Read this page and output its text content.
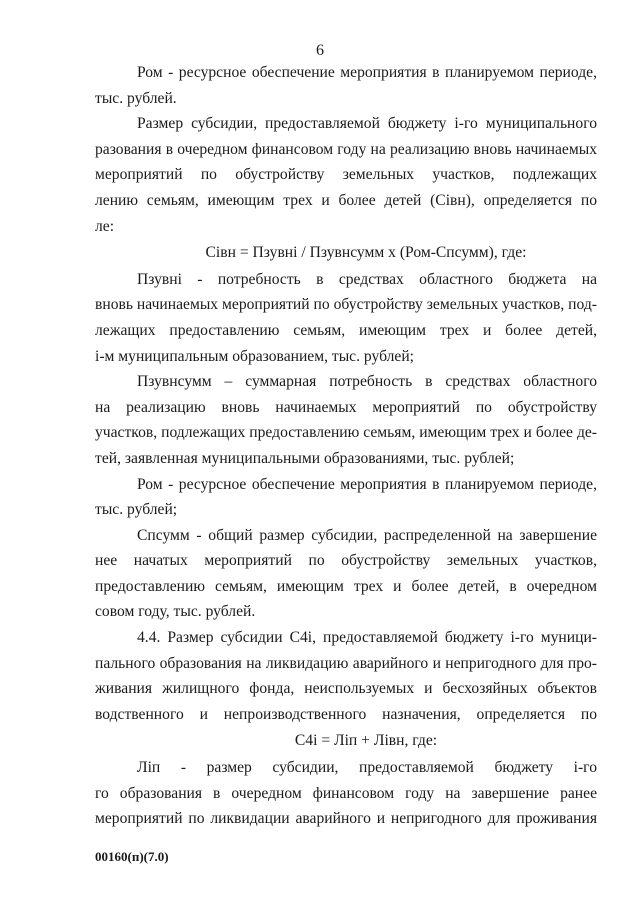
6
Ром - ресурсное обеспечение мероприятия в планируемом периоде,
тыс. рублей.
Размер субсидии, предоставляемой бюджету i-го муниципального
разования в очередном финансовом году на реализацию вновь начинаемых
мероприятий по обустройству земельных участков, подлежащих
лению семьям, имеющим трех и более детей (Сівн), определяется по
ле:
Сівн = Пзувні / Пзувнсумм х (Ром-Спсумм), где:
Пзувні - потребность в средствах областного бюджета на
вновь начинаемых мероприятий по обустройству земельных участков, под-
лежащих предоставлению семьям, имеющим трех и более детей,
і-м муниципальным образованием, тыс. рублей;
Пзувнсумм – суммарная потребность в средствах областного
на реализацию вновь начинаемых мероприятий по обустройству
участков, подлежащих предоставлению семьям, имеющим трех и более де-
тей, заявленная муниципальными образованиями, тыс. рублей;
Ром - ресурсное обеспечение мероприятия в планируемом периоде,
тыс. рублей;
Спсумм - общий размер субсидии, распределенной на завершение
нее начатых мероприятий по обустройству земельных участков,
предоставлению семьям, имеющим трех и более детей, в очередном
совом году, тыс. рублей.
4.4. Размер субсидии С4і, предоставляемой бюджету і-го муници-
пального образования на ликвидацию аварийного и непригодного для про-
живания жилищного фонда, неиспользуемых и бесхозяйных объектов
водственного и непроизводственного назначения, определяется по
С4і = Ліп + Лівн, где:
Ліп - размер субсидии, предоставляемой бюджету і-го
го образования в очередном финансовом году на завершение ранее
мероприятий по ликвидации аварийного и непригодного для проживания
00160(п)(7.0)
